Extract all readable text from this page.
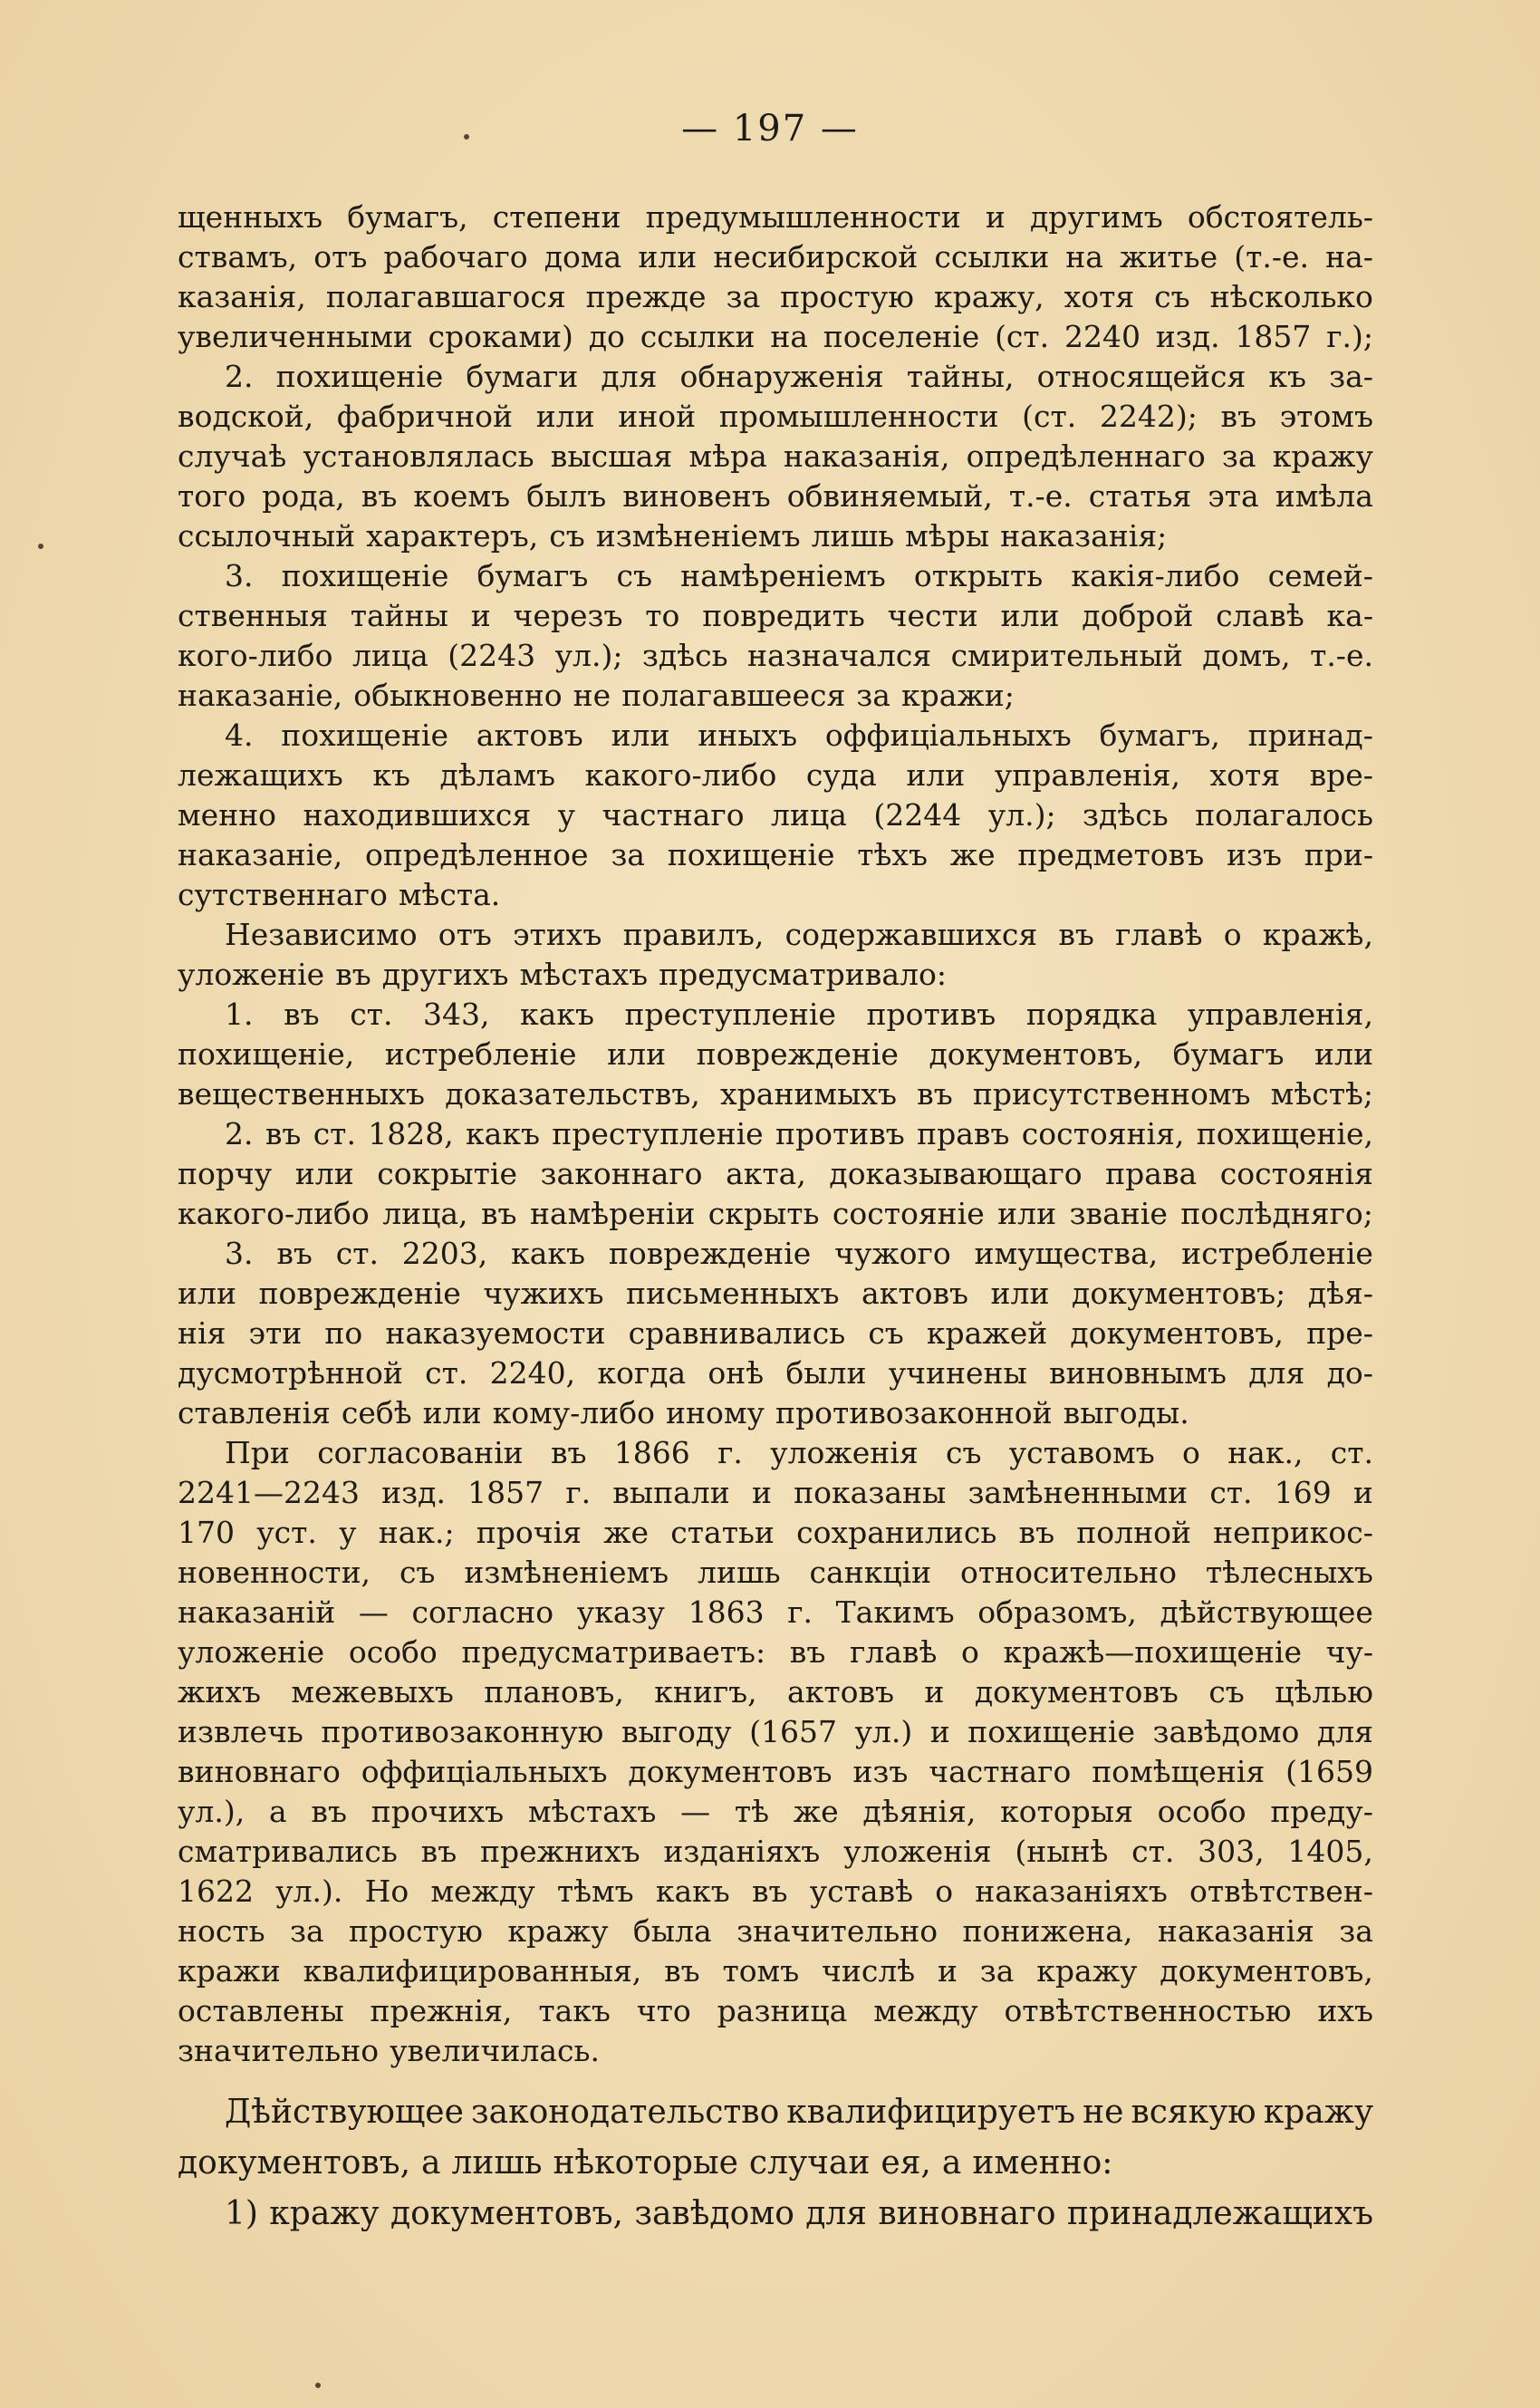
— 197 —
щенныхъ бумагъ, степени предумышленности и другимъ обстоятель-
ствамъ, отъ рабочаго дома или несибирской ссылки на житье (т.-е. на-
казанія, полагавшагося прежде за простую кражу, хотя съ нѣсколько
увеличенными сроками) до ссылки на поселеніе (ст. 2240 изд. 1857 г.);
2. похищеніе бумаги для обнаруженія тайны, относящейся къ за-
водской, фабричной или иной промышленности (ст. 2242); въ этомъ
случаѣ установлялась высшая мѣра наказанія, опредѣленнаго за кражу
того рода, въ коемъ былъ виновенъ обвиняемый, т.-е. статья эта имѣла
ссылочный характеръ, съ измѣненіемъ лишь мѣры наказанія;
3. похищеніе бумагъ съ намѣреніемъ открыть какія-либо семей-
ственныя тайны и черезъ то повредить чести или доброй славѣ ка-
кого-либо лица (2243 ул.); здѣсь назначался смирительный домъ, т.-е.
наказаніе, обыкновенно не полагавшееся за кражи;
4. похищеніе актовъ или иныхъ оффиціальныхъ бумагъ, принад-
лежащихъ къ дѣламъ какого-либо суда или управленія, хотя вре-
менно находившихся у частнаго лица (2244 ул.); здѣсь полагалось
наказаніе, опредѣленное за похищеніе тѣхъ же предметовъ изъ при-
сутственнаго мѣста.
Независимо отъ этихъ правилъ, содержавшихся въ главѣ о кражѣ,
уложеніе въ другихъ мѣстахъ предусматривало:
1. въ ст. 343, какъ преступленіе противъ порядка управленія,
похищеніе, истребленіе или поврежденіе документовъ, бумагъ или
вещественныхъ доказательствъ, хранимыхъ въ присутственномъ мѣстѣ;
2. въ ст. 1828, какъ преступленіе противъ правъ состоянія, похищеніе,
порчу или сокрытіе законнаго акта, доказывающаго права состоянія
какого-либо лица, въ намѣреніи скрыть состояніе или званіе послѣдняго;
3. въ ст. 2203, какъ поврежденіе чужого имущества, истребленіе
или поврежденіе чужихъ письменныхъ актовъ или документовъ; дѣя-
нія эти по наказуемости сравнивались съ кражей документовъ, пре-
дусмотрѣнной ст. 2240, когда онѣ были учинены виновнымъ для до-
ставленія себѣ или кому-либо иному противозаконной выгоды.
При согласованіи въ 1866 г. уложенія съ уставомъ о нак., ст.
2241—2243 изд. 1857 г. выпали и показаны замѣненными ст. 169 и
170 уст. у нак.; прочія же статьи сохранились въ полной неприкос-
новенности, съ измѣненіемъ лишь санкціи относительно тѣлесныхъ
наказаній — согласно указу 1863 г. Такимъ образомъ, дѣйствующее
уложеніе особо предусматриваетъ: въ главѣ о кражѣ—похищеніе чу-
жихъ межевыхъ плановъ, книгъ, актовъ и документовъ съ цѣлью
извлечь противозаконную выгоду (1657 ул.) и похищеніе завѣдомо для
виновнаго оффиціальныхъ документовъ изъ частнаго помѣщенія (1659
ул.), а въ прочихъ мѣстахъ — тѣ же дѣянія, которыя особо преду-
сматривались въ прежнихъ изданіяхъ уложенія (нынѣ ст. 303, 1405,
1622 ул.). Но между тѣмъ какъ въ уставѣ о наказаніяхъ отвѣтствен-
ность за простую кражу была значительно понижена, наказанія за
кражи квалифицированныя, въ томъ числѣ и за кражу документовъ,
оставлены прежнія, такъ что разница между отвѣтственностью ихъ
значительно увеличилась.
Дѣйствующее законодательство квалифицируетъ не всякую кражу
документовъ, а лишь нѣкоторые случаи ея, а именно:
1) кражу документовъ, завѣдомо для виновнаго принадлежащихъ
